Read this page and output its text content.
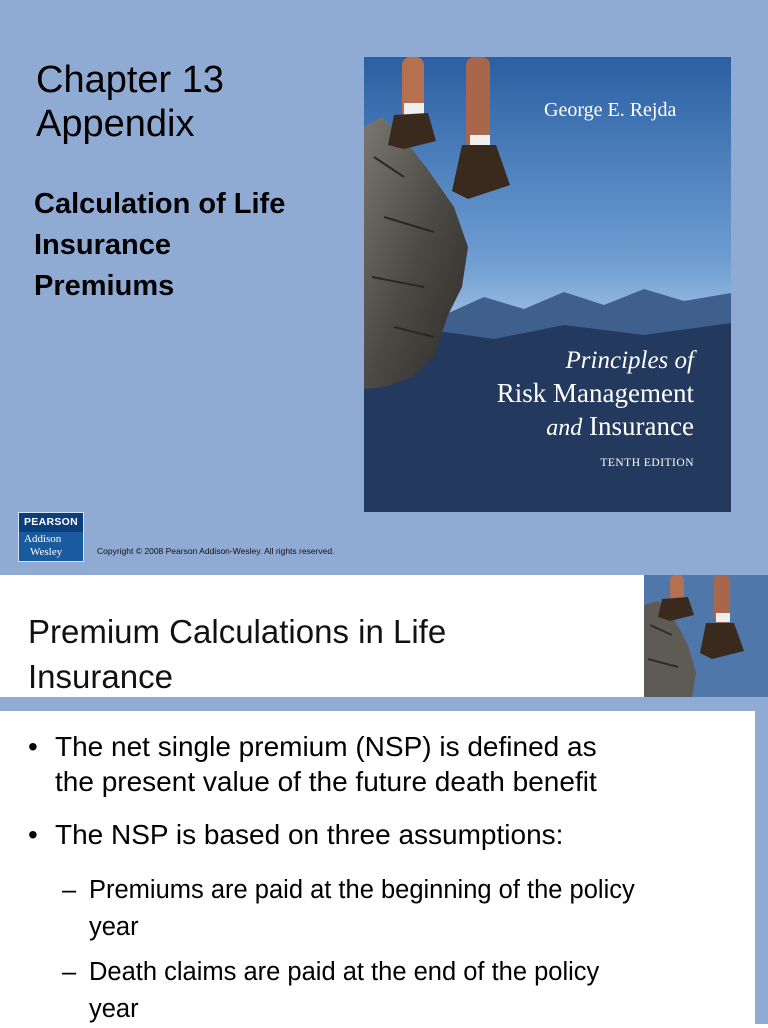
Chapter 13
Appendix
Calculation of Life
Insurance
Premiums
George E. Rejda
Principles of
Risk Management
and Insurance
TENTH EDITION
PEARSON
Addison
Wesley	Copyright © 2008 Pearson Addison-Wesley. All rights reserved.
Premium Calculations in Life
Insurance
• The net single premium (NSP) is defined as
the present value of the future death benefit
• The NSP is based on three assumptions:
– Premiums are paid at the beginning of the policy
year
– Death claims are paid at the end of the policy
year
